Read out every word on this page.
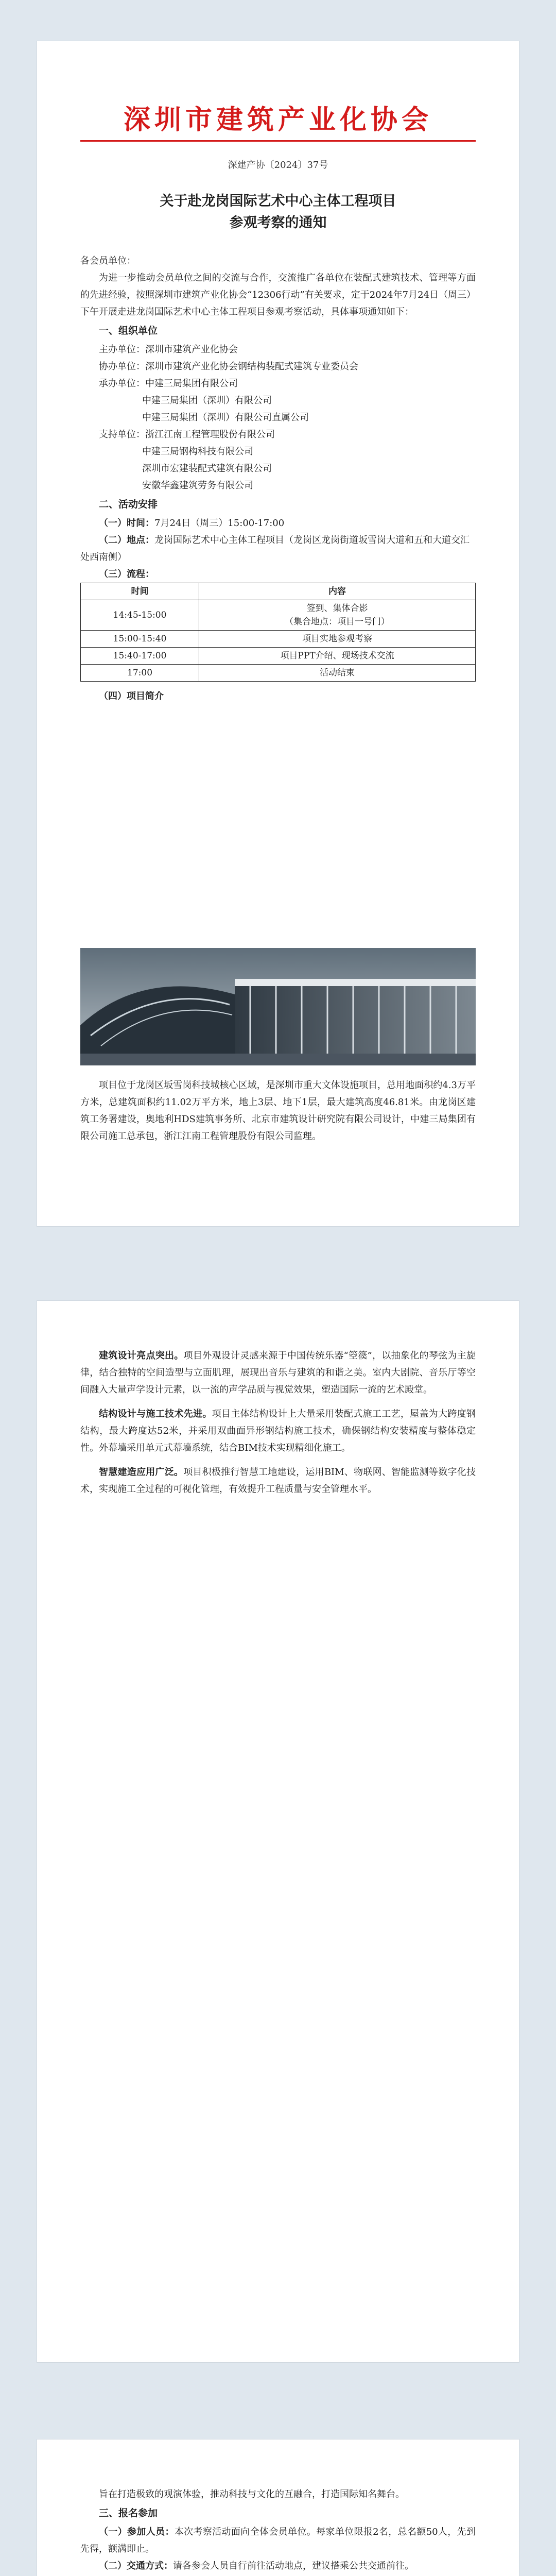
深圳市建筑产业化协会
深建产协〔2024〕37号
关于赴龙岗国际艺术中心主体工程项目
参观考察的通知
各会员单位：

为进一步推动会员单位之间的交流与合作，交流推广各单位在装配式建筑技术、管理等方面的先进经验，按照深圳市建筑产业化协会“12306行动”有关要求，定于2024年7月24日（周三）下午开展走进龙岗国际艺术中心主体工程项目参观考察活动，具体事项通知如下：

一、组织单位
主办单位：深圳市建筑产业化协会
协办单位：深圳市建筑产业化协会钢结构装配式建筑专业委员会
承办单位：中建三局集团有限公司
中建三局集团（深圳）有限公司
中建三局集团（深圳）有限公司直属公司
支持单位：浙江江南工程管理股份有限公司
中建三局钢构科技有限公司
深圳市宏建装配式建筑有限公司
安徽华鑫建筑劳务有限公司
二、活动安排
（一）时间：7月24日（周三）15:00-17:00
（二）地点：龙岗国际艺术中心主体工程项目（龙岗区龙岗街道坂雪岗大道和五和大道交汇处西南侧）
（三）流程：
时间	内容
14:45-15:00	签到、集体合影
（集合地点：项目一号门）

15:00-15:40	项目实地参观考察
15:40-17:00	项目PPT介绍、现场技术交流
17:00	活动结束
（四）项目简介

项目位于龙岗区坂雪岗科技城核心区域，是深圳市重大文体设施项目，总用地面积约4.3万平方米，总建筑面积约11.02万平方米，地上3层、地下1层，最大建筑高度46.81米。由龙岗区建筑工务署建设，奥地利HDS建筑事务所、北京市建筑设计研究院有限公司设计，中建三局集团有限公司施工总承包，浙江江南工程管理股份有限公司监理。

建筑设计亮点突出。项目外观设计灵感来源于中国传统乐器“箜篌”，以抽象化的琴弦为主旋律，结合独特的空间造型与立面肌理，展现出音乐与建筑的和谐之美。室内大剧院、音乐厅等空间融入大量声学设计元素，以一流的声学品质与视觉效果，塑造国际一流的艺术殿堂。

结构设计与施工技术先进。项目主体结构设计上大量采用装配式施工工艺，屋盖为大跨度钢结构，最大跨度达52米，并采用双曲面异形钢结构施工技术，确保钢结构安装精度与整体稳定性。外幕墙采用单元式幕墙系统，结合BIM技术实现精细化施工。

智慧建造应用广泛。项目积极推行智慧工地建设，运用BIM、物联网、智能监测等数字化技术，实现施工全过程的可视化管理，有效提升工程质量与安全管理水平。

旨在打造极致的观演体验，推动科技与文化的互融合，打造国际知名舞台。

三、报名参加

（一）参加人员：本次考察活动面向全体会员单位。每家单位限报2名，总名额50人，先到先得，额满即止。

（二）交通方式：请各参会人员自行前往活动地点，建议搭乘公共交通前往。
